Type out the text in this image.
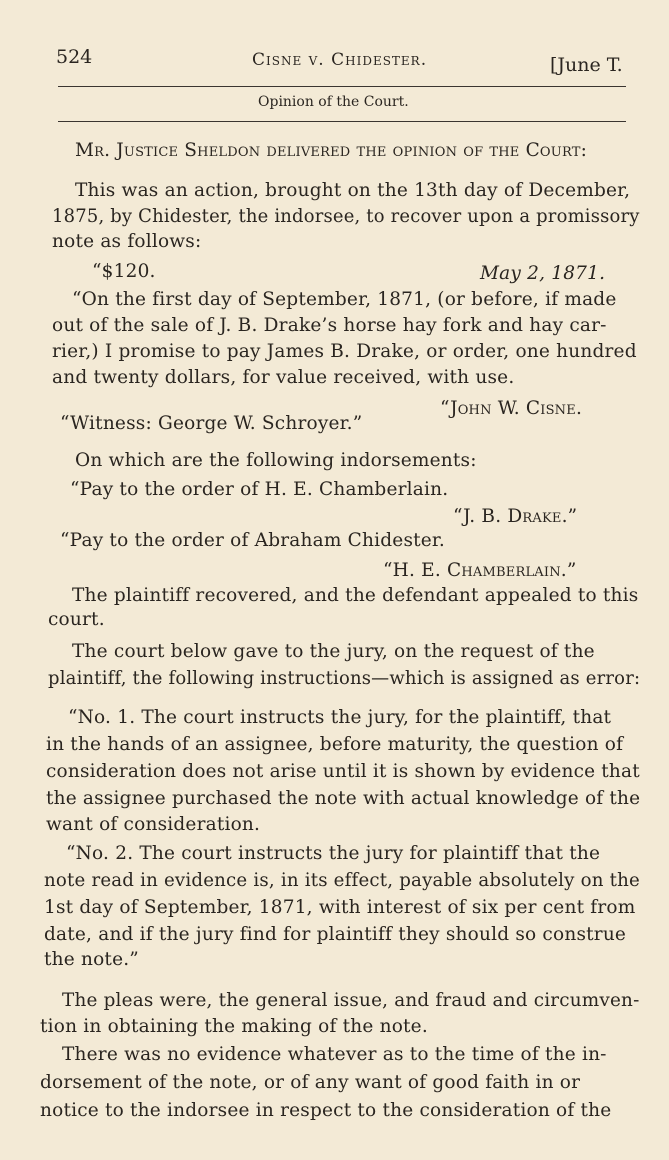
524	Cisne v. Chidester.	[June T.
Opinion of the Court.
Mr. Justice Sheldon delivered the opinion of the Court:
This was an action, brought on the 13th day of December,
1875, by Chidester, the indorsee, to recover upon a promissory
note as follows:
“$120.	May 2, 1871.
“On the first day of September, 1871, (or before, if made
out of the sale of J. B. Drake’s horse hay fork and hay car-
rier,) I promise to pay James B. Drake, or order, one hundred
and twenty dollars, for value received, with use.
“John W. Cisne.
“Witness: George W. Schroyer.”
On which are the following indorsements:
“Pay to the order of H. E. Chamberlain.
“J. B. Drake.”
“Pay to the order of Abraham Chidester.
“H. E. Chamberlain.”
The plaintiff recovered, and the defendant appealed to this
court.
The court below gave to the jury, on the request of the
plaintiff, the following instructions—which is assigned as error:
“No. 1. The court instructs the jury, for the plaintiff, that
in the hands of an assignee, before maturity, the question of
consideration does not arise until it is shown by evidence that
the assignee purchased the note with actual knowledge of the
want of consideration.
“No. 2. The court instructs the jury for plaintiff that the
note read in evidence is, in its effect, payable absolutely on the
1st day of September, 1871, with interest of six per cent from
date, and if the jury find for plaintiff they should so construe
the note.”
The pleas were, the general issue, and fraud and circumven-
tion in obtaining the making of the note.
There was no evidence whatever as to the time of the in-
dorsement of the note, or of any want of good faith in or
notice to the indorsee in respect to the consideration of the
